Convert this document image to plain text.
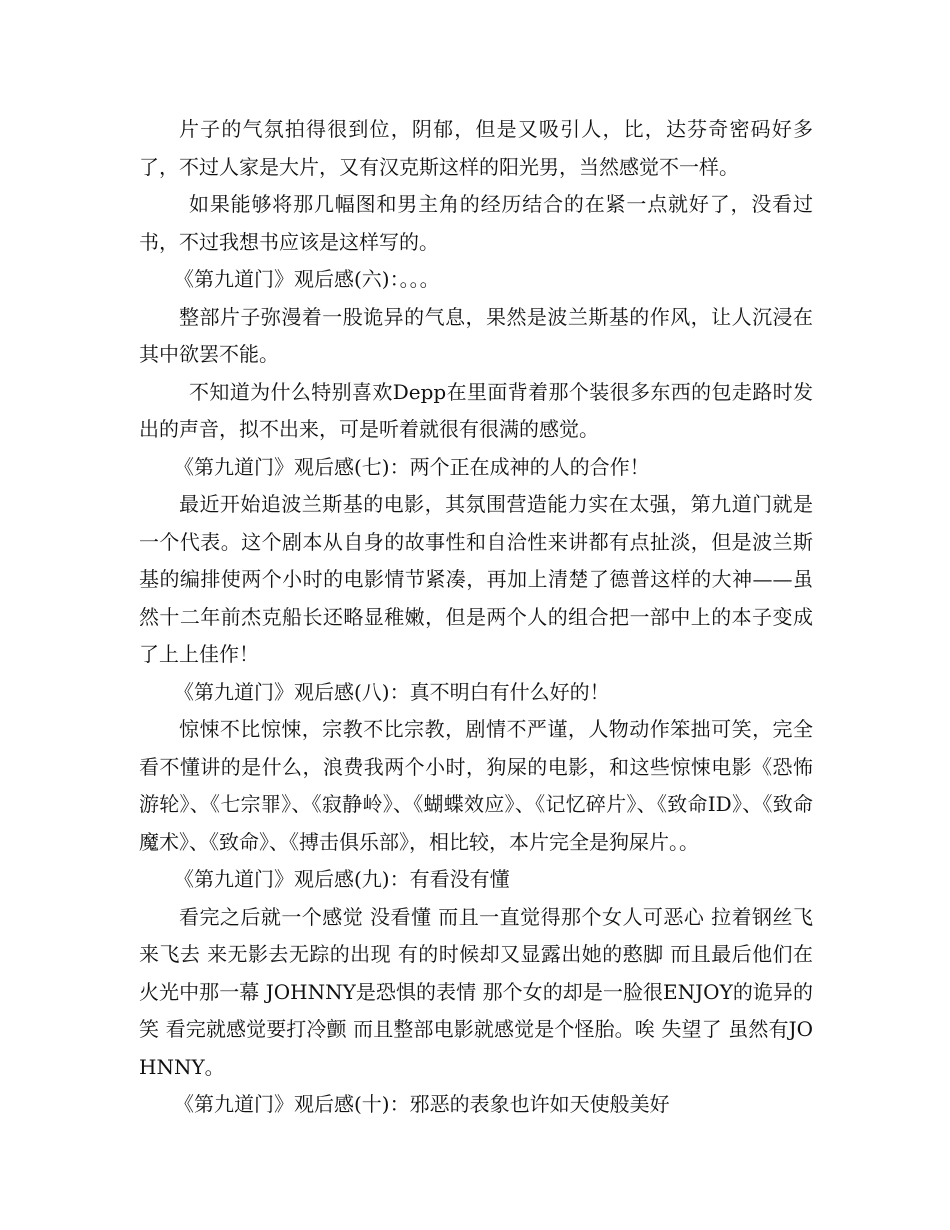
片子的气氛拍得很到位，阴郁，但是又吸引人，比，达芬奇密码好多了，不过人家是大片，又有汉克斯这样的阳光男，当然感觉不一样。

如果能够将那几幅图和男主角的经历结合的在紧一点就好了，没看过书，不过我想书应该是这样写的。

《第九道门》观后感(六)：。。。

整部片子弥漫着一股诡异的气息，果然是波兰斯基的作风，让人沉浸在其中欲罢不能。

不知道为什么特别喜欢Depp在里面背着那个装很多东西的包走路时发出的声音，拟不出来，可是听着就很有很满的感觉。

《第九道门》观后感(七)：两个正在成神的人的合作！

最近开始追波兰斯基的电影，其氛围营造能力实在太强，第九道门就是一个代表。这个剧本从自身的故事性和自洽性来讲都有点扯淡，但是波兰斯基的编排使两个小时的电影情节紧凑，再加上清楚了德普这样的大神——虽然十二年前杰克船长还略显稚嫩，但是两个人的组合把一部中上的本子变成了上上佳作！

《第九道门》观后感(八)：真不明白有什么好的！

惊悚不比惊悚，宗教不比宗教，剧情不严谨，人物动作笨拙可笑，完全看不懂讲的是什么，浪费我两个小时，狗屎的电影，和这些惊悚电影《恐怖游轮》、《七宗罪》、《寂静岭》、《蝴蝶效应》、《记忆碎片》、《致命ID》、《致命魔术》、《致命》、《搏击俱乐部》，相比较，本片完全是狗屎片。。

《第九道门》观后感(九)：有看没有懂

看完之后就一个感觉 没看懂 而且一直觉得那个女人可恶心 拉着钢丝飞来飞去 来无影去无踪的出现 有的时候却又显露出她的憨脚 而且最后他们在火光中那一幕 JOHNNY是恐惧的表情 那个女的却是一脸很ENJOY的诡异的笑 看完就感觉要打冷颤 而且整部电影就感觉是个怪胎。唉 失望了 虽然有JOHNNY。

《第九道门》观后感(十)：邪恶的表象也许如天使般美好
